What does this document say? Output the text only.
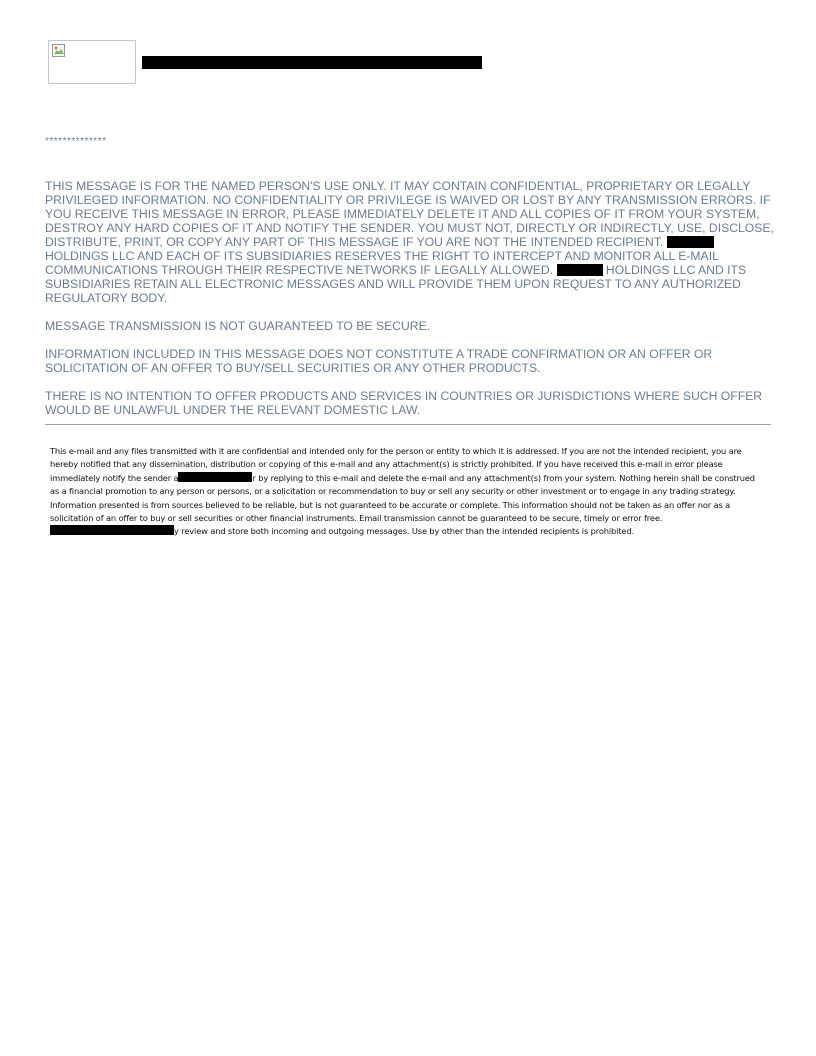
**************

THIS MESSAGE IS FOR THE NAMED PERSON'S USE ONLY. IT MAY CONTAIN CONFIDENTIAL, PROPRIETARY OR LEGALLY PRIVILEGED INFORMATION. NO CONFIDENTIALITY OR PRIVILEGE IS WAIVED OR LOST BY ANY TRANSMISSION ERRORS. IF YOU RECEIVE THIS MESSAGE IN ERROR, PLEASE IMMEDIATELY DELETE IT AND ALL COPIES OF IT FROM YOUR SYSTEM, DESTROY ANY HARD COPIES OF IT AND NOTIFY THE SENDER. YOU MUST NOT, DIRECTLY OR INDIRECTLY, USE, DISCLOSE, DISTRIBUTE, PRINT, OR COPY ANY PART OF THIS MESSAGE IF YOU ARE NOT THE INTENDED RECIPIENT.  HOLDINGS LLC AND EACH OF ITS SUBSIDIARIES RESERVES THE RIGHT TO INTERCEPT AND MONITOR ALL E-MAIL COMMUNICATIONS THROUGH THEIR RESPECTIVE NETWORKS IF LEGALLY ALLOWED.	HOLDINGS LLC AND ITS SUBSIDIARIES RETAIN ALL ELECTRONIC MESSAGES AND WILL PROVIDE THEM UPON REQUEST TO ANY AUTHORIZED REGULATORY BODY.

MESSAGE TRANSMISSION IS NOT GUARANTEED TO BE SECURE.

INFORMATION INCLUDED IN THIS MESSAGE DOES NOT CONSTITUTE A TRADE CONFIRMATION OR AN OFFER OR SOLICITATION OF AN OFFER TO BUY/SELL SECURITIES OR ANY OTHER PRODUCTS.

THERE IS NO INTENTION TO OFFER PRODUCTS AND SERVICES IN COUNTRIES OR JURISDICTIONS WHERE SUCH OFFER WOULD BE UNLAWFUL UNDER THE RELEVANT DOMESTIC LAW.

This e-mail and any files transmitted with it are confidential and intended only for the person or entity to which it is addressed. If you are not the intended recipient, you are hereby notified that any dissemination, distribution or copying of this e-mail and any attachment(s) is strictly prohibited. If you have received this e-mail in error please immediately notify the sender a	r by replying to this e-mail and delete the e-mail and any attachment(s) from your system. Nothing herein shall be construed as a financial promotion to any person or persons, or a solicitation or recommendation to buy or sell any security or other investment or to engage in any trading strategy. Information presented is from sources believed to be reliable, but is not guaranteed to be accurate or complete. This information should not be taken as an offer nor as a solicitation of an offer to buy or sell securities or other financial instruments. Email transmission cannot be guaranteed to be secure, timely or error free. y review and store both incoming and outgoing messages. Use by other than the intended recipients is prohibited.
